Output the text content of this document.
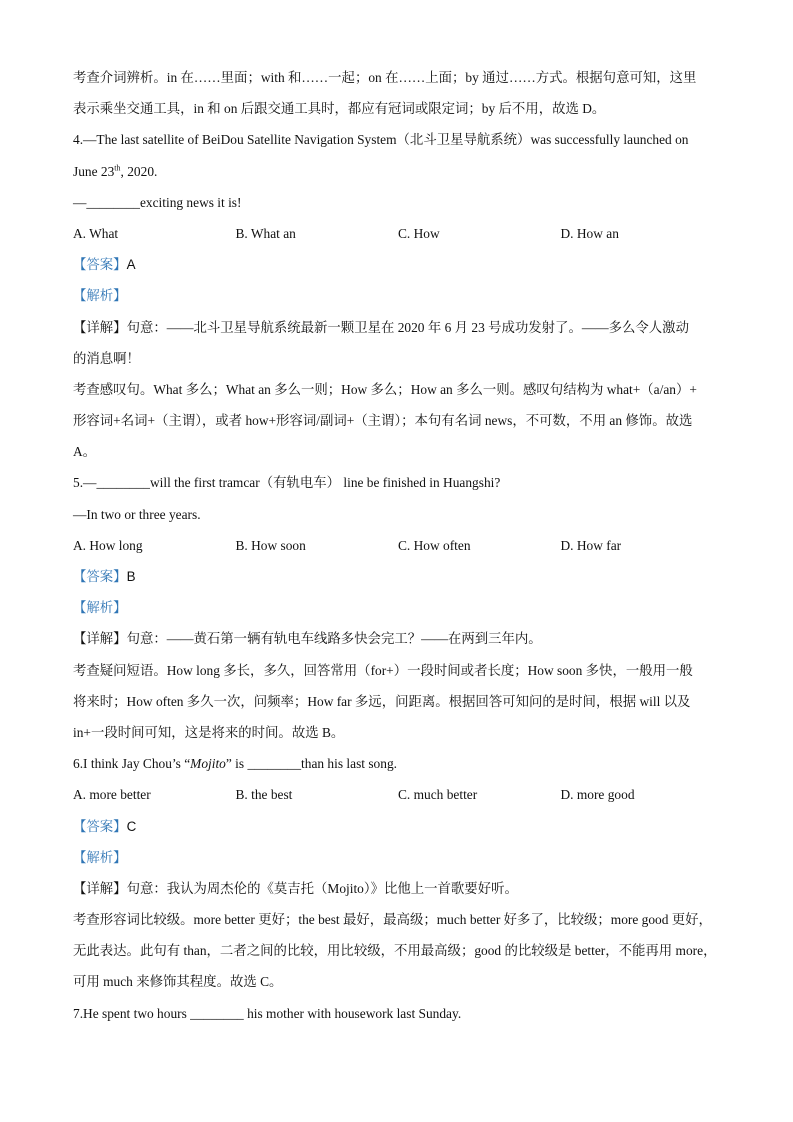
考查介词辨析。in 在……里面；with 和……一起；on 在……上面；by 通过……方式。根据句意可知，这里
表示乘坐交通工具，in 和 on 后跟交通工具时，都应有冠词或限定词；by 后不用，故选 D。
4.—The last satellite of BeiDou Satellite Navigation System（北斗卫星导航系统）was successfully launched on
June 23th, 2020.
—________exciting news it is!
A. What	B. What an	C. How	D. How an
【答案】A
【解析】
【详解】句意：——北斗卫星导航系统最新一颗卫星在 2020 年 6 月 23 号成功发射了。——多么令人激动
的消息啊！
考查感叹句。What 多么；What an 多么一则；How 多么；How an 多么一则。感叹句结构为 what+（a/an）+
形容词+名词+（主谓），或者 how+形容词/副词+（主谓）；本句有名词 news，不可数，不用 an 修饰。故选
A。
5.—________will the first tramcar（有轨电车） line be finished in Huangshi?
—In two or three years.
A. How long	B. How soon	C. How often	D. How far
【答案】B
【解析】
【详解】句意：——黄石第一辆有轨电车线路多快会完工？——在两到三年内。
考查疑问短语。How long 多长，多久，回答常用（for+）一段时间或者长度；How soon 多快，一般用一般
将来时；How often 多久一次，问频率；How far 多远，问距离。根据回答可知问的是时间，根据 will 以及
in+一段时间可知，这是将来的时间。故选 B。
6.I think Jay Chou’s “Mojito” is ________than his last song.
A. more better	B. the best	C. much better	D. more good
【答案】C
【解析】
【详解】句意：我认为周杰伦的《莫吉托（Mojito）》比他上一首歌要好听。
考查形容词比较级。more better 更好；the best 最好，最高级；much better 好多了，比较级；more good 更好，
无此表达。此句有 than，二者之间的比较，用比较级，不用最高级；good 的比较级是 better，不能再用 more，
可用 much 来修饰其程度。故选 C。
7.He spent two hours ________ his mother with housework last Sunday.
